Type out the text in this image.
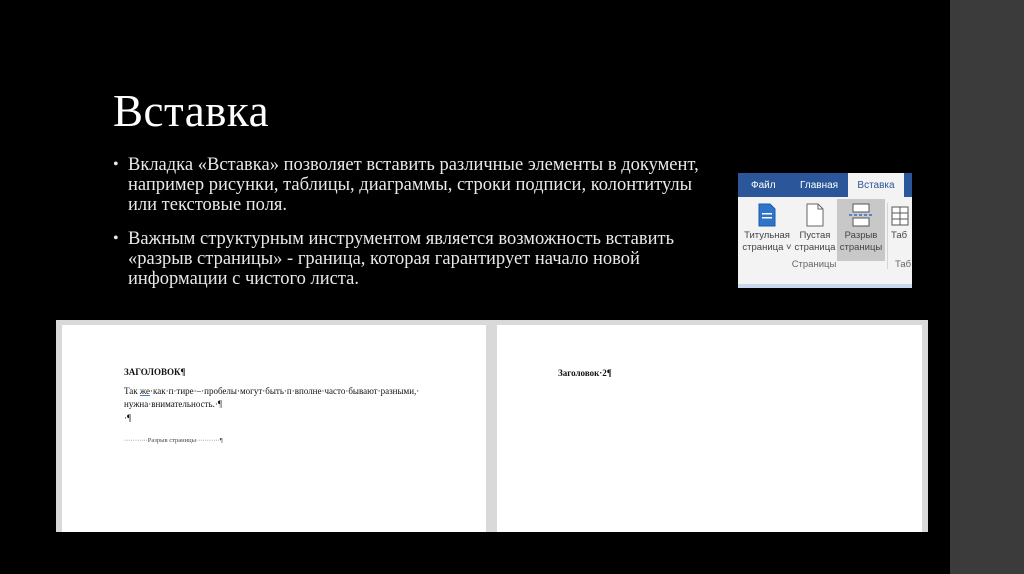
Вставка
• Вкладка «Вставка» позволяет вставить различные элементы в документ, например рисунки, таблицы, диаграммы, строки подписи, колонтитулы или текстовые поля.
• Важным структурным инструментом является возможность вставить «разрыв страницы» - граница, которая гарантирует начало новой информации с чистого листа.
Файл Главная	Вставка
Титульная
страница ˅
Пустая
страница
Разрыв
страницы
Таб
Страницы	Таб
ЗАГОЛОВОК¶
Так же·как·п·тире·–·пробелы·могут·быть·п·вполне·часто·бывают·разными,· нужна·внимательность.·¶
·¶
···········Разрыв страницы···········¶
Заголовок·2¶
